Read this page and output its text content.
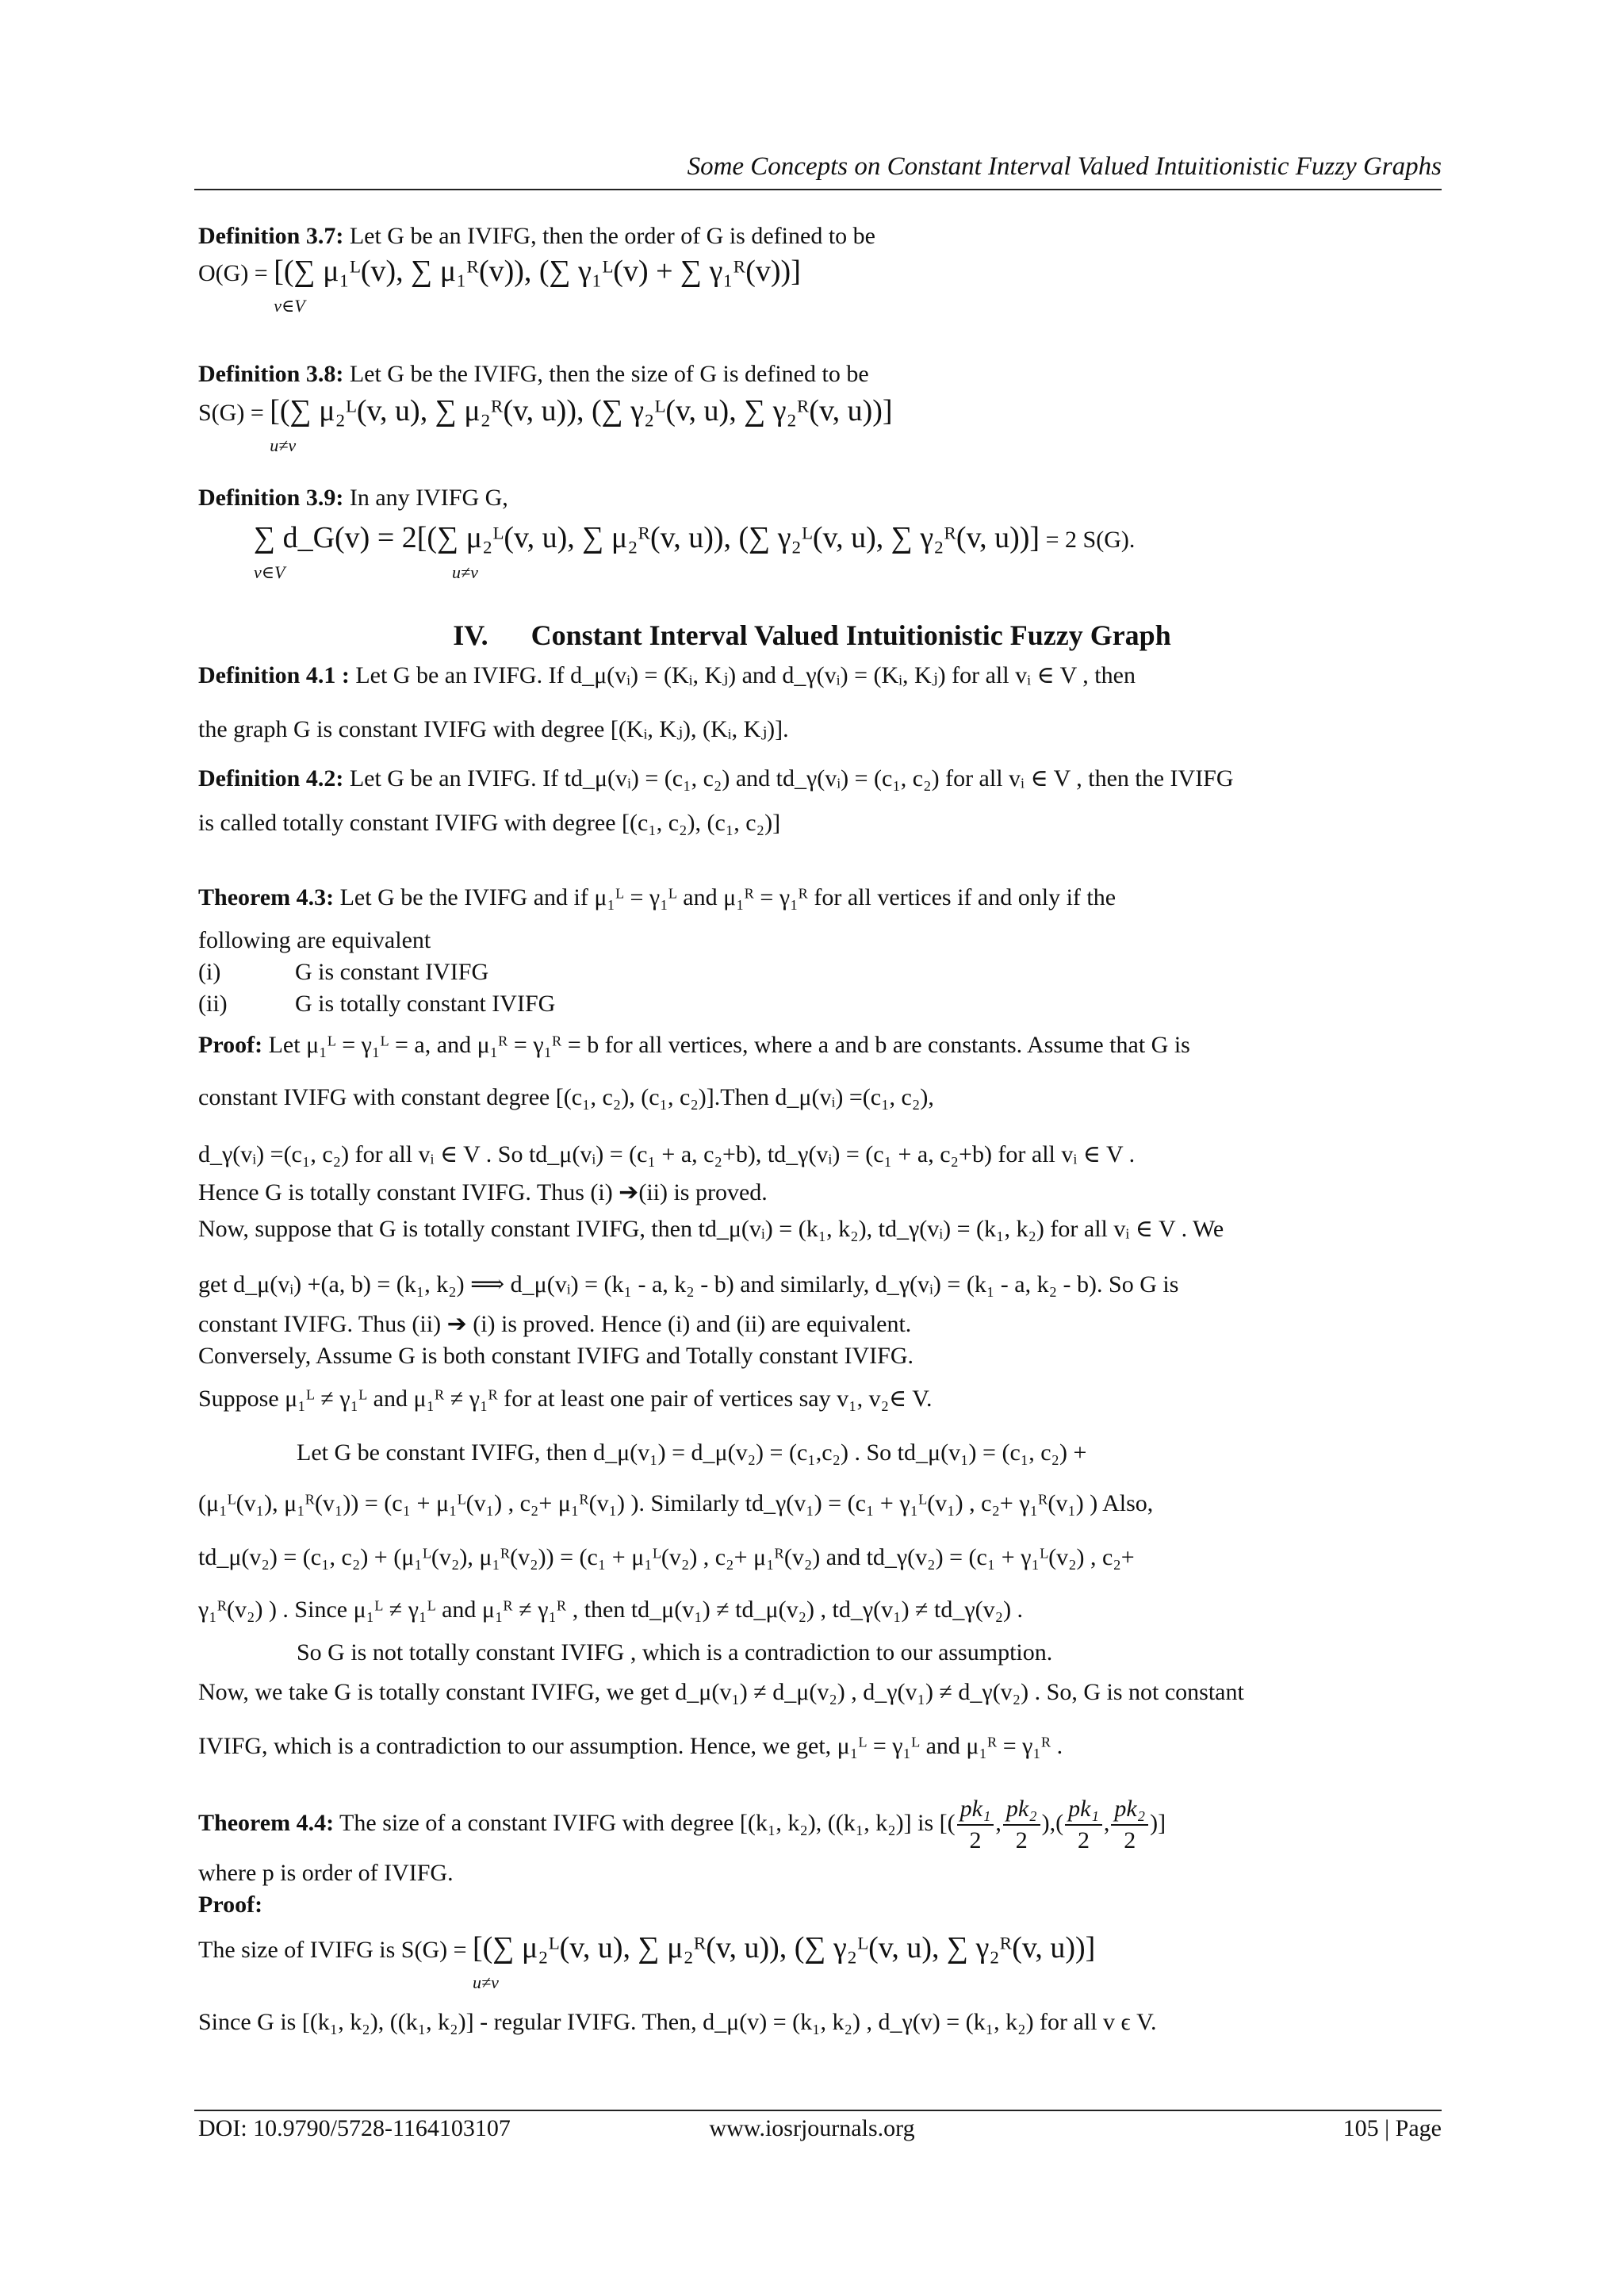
Some Concepts on Constant Interval Valued Intuitionistic Fuzzy Graphs
Definition 3.7: Let G be an IVIFG, then the order of G is defined to be
O(G) = [(∑ μ₁ᴸ(v), ∑ μ₁ᴿ(v)), (∑ γ₁ᴸ(v) + ∑ γ₁ᴿ(v))]
v∈V
Definition 3.8: Let G be the IVIFG, then the size of G is defined to be
S(G) = [(∑ μ₂ᴸ(v, u), ∑ μ₂ᴿ(v, u)), (∑ γ₂ᴸ(v, u), ∑ γ₂ᴿ(v, u))]
u≠v
Definition 3.9: In any IVIFG G,
∑ d_G(v) = 2[(∑ μ₂ᴸ(v, u), ∑ μ₂ᴿ(v, u)), (∑ γ₂ᴸ(v, u), ∑ γ₂ᴿ(v, u))]
v∈V	u≠v
= 2 S(G).
IV. Constant Interval Valued Intuitionistic Fuzzy Graph
Definition 4.1 : Let G be an IVIFG. If d_μ(vᵢ) = (Kᵢ, Kⱼ) and d_γ(vᵢ) = (Kᵢ, Kⱼ) for all vᵢ ∈ V , then
the graph G is constant IVIFG with degree [(Kᵢ, Kⱼ), (Kᵢ, Kⱼ)].
Definition 4.2: Let G be an IVIFG. If td_μ(vᵢ) = (c₁, c₂) and td_γ(vᵢ) = (c₁, c₂) for all vᵢ ∈ V , then the IVIFG
is called totally constant IVIFG with degree [(c₁, c₂), (c₁, c₂)]
Theorem 4.3: Let G be the IVIFG and if μ₁ᴸ = γ₁ᴸ and μ₁ᴿ = γ₁ᴿ for all vertices if and only if the
following are equivalent
(i)	G is constant IVIFG
(ii)	G is totally constant IVIFG
Proof: Let μ₁ᴸ = γ₁ᴸ = a, and μ₁ᴿ = γ₁ᴿ = b for all vertices, where a and b are constants. Assume that G is
constant IVIFG with constant degree [(c₁, c₂), (c₁, c₂)].Then d_μ(vᵢ) =(c₁, c₂),
d_γ(vᵢ) =(c₁, c₂) for all vᵢ ∈ V . So td_μ(vᵢ) = (c₁ + a, c₂+b), td_γ(vᵢ) = (c₁ + a, c₂+b) for all vᵢ ∈ V .
Hence G is totally constant IVIFG. Thus (i) ➔(ii) is proved.
Now, suppose that G is totally constant IVIFG, then td_μ(vᵢ) = (k₁, k₂), td_γ(vᵢ) = (k₁, k₂) for all vᵢ ∈ V . We
get d_μ(vᵢ) +(a, b) = (k₁, k₂) ⟹ d_μ(vᵢ) = (k₁ - a, k₂ - b) and similarly, d_γ(vᵢ) = (k₁ - a, k₂ - b). So G is
constant IVIFG. Thus (ii) ➔ (i) is proved. Hence (i) and (ii) are equivalent.
Conversely, Assume G is both constant IVIFG and Totally constant IVIFG.
Suppose μ₁ᴸ ≠ γ₁ᴸ and μ₁ᴿ ≠ γ₁ᴿ for at least one pair of vertices say v₁, v₂∈ V.
Let G be constant IVIFG, then d_μ(v₁) = d_μ(v₂) = (c₁,c₂) . So td_μ(v₁) = (c₁, c₂) +
(μ₁ᴸ(v₁), μ₁ᴿ(v₁)) = (c₁ + μ₁ᴸ(v₁) , c₂+ μ₁ᴿ(v₁) ). Similarly td_γ(v₁) = (c₁ + γ₁ᴸ(v₁) , c₂+ γ₁ᴿ(v₁) ) Also,
td_μ(v₂) = (c₁, c₂) + (μ₁ᴸ(v₂), μ₁ᴿ(v₂)) = (c₁ + μ₁ᴸ(v₂) , c₂+ μ₁ᴿ(v₂) and td_γ(v₂) = (c₁ + γ₁ᴸ(v₂) , c₂+
γ₁ᴿ(v₂) ) . Since μ₁ᴸ ≠ γ₁ᴸ and μ₁ᴿ ≠ γ₁ᴿ , then td_μ(v₁) ≠ td_μ(v₂) , td_γ(v₁) ≠ td_γ(v₂) .
So G is not totally constant IVIFG , which is a contradiction to our assumption.
Now, we take G is totally constant IVIFG, we get d_μ(v₁) ≠ d_μ(v₂) , d_γ(v₁) ≠ d_γ(v₂) . So, G is not constant
IVIFG, which is a contradiction to our assumption. Hence, we get, μ₁ᴸ = γ₁ᴸ and μ₁ᴿ = γ₁ᴿ .
Theorem 4.4: The size of a constant IVIFG with degree [(k₁, k₂), ((k₁, k₂)] is [( $\frac{\text{pk₁}}{2}$ , $\frac{\text{pk₂}}{2}$ ),( $\frac{\text{pk₁}}{2}$ , $\frac{\text{pk₂}}{2}$ )]
where p is order of IVIFG.
Proof:
The size of IVIFG is S(G) = [(∑ μ₂ᴸ(v, u), ∑ μ₂ᴿ(v, u)), (∑ γ₂ᴸ(v, u), ∑ γ₂ᴿ(v, u))]
u≠v
Since G is [(k₁, k₂), ((k₁, k₂)] - regular IVIFG. Then, d_μ(v) = (k₁, k₂) , d_γ(v) = (k₁, k₂) for all v ϵ V.
DOI: 10.9790/5728-1164103107	www.iosrjournals.org	105 | Page
